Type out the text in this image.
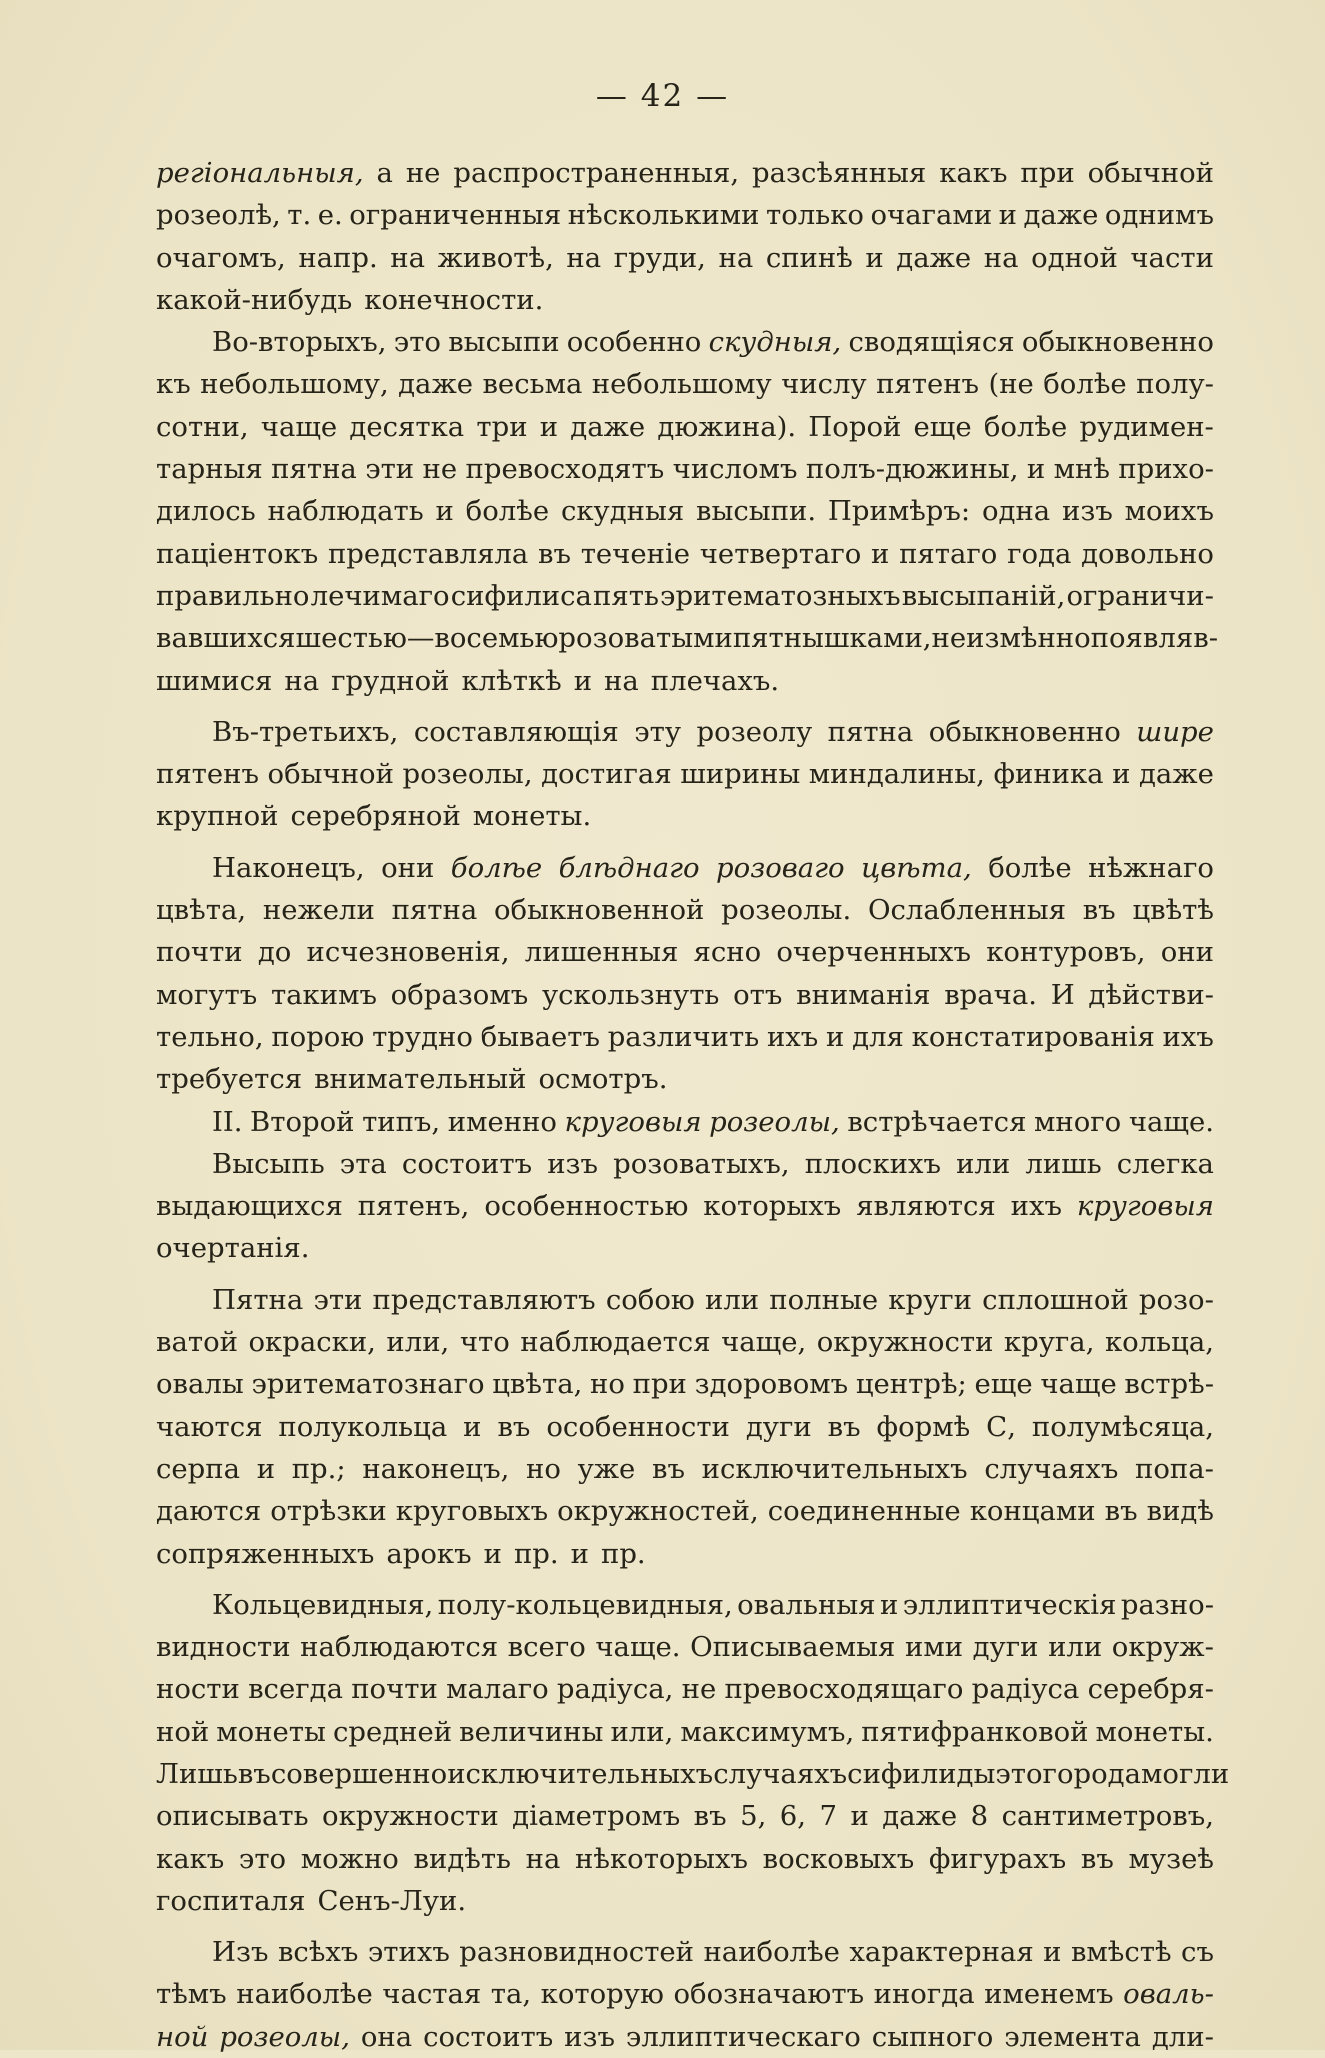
— 42 —
регіональныя, а не распространенныя, разсѣянныя какъ при обычной
розеолѣ, т. е. ограниченныя нѣсколькими только очагами и даже однимъ
очагомъ, напр. на животѣ, на груди, на спинѣ и даже на одной части
какой-нибудь конечности.
Во-вторыхъ, это высыпи особенно скудныя, сводящіяся обыкновенно
къ небольшому, даже весьма небольшому числу пятенъ (не болѣе полу-
сотни, чаще десятка три и даже дюжина). Порой еще болѣе рудимен-
тарныя пятна эти не превосходятъ числомъ полъ-дюжины, и мнѣ прихо-
дилось наблюдать и болѣе скудныя высыпи. Примѣръ: одна изъ моихъ
паціентокъ представляла въ теченіе четвертаго и пятаго года довольно
правильно лечимаго сифилиса пять эритематозныхъ высыпаній, ограничи-
вавшихся шестью—восемью розоватыми пятнышками, неизмѣнно появляв-
шимися на грудной клѣткѣ и на плечахъ.
Въ-третьихъ, составляющія эту розеолу пятна обыкновенно шире
пятенъ обычной розеолы, достигая ширины миндалины, финика и даже
крупной серебряной монеты.
Наконецъ, они болѣе блѣднаго розоваго цвѣта, болѣе нѣжнаго
цвѣта, нежели пятна обыкновенной розеолы. Ослабленныя въ цвѣтѣ
почти до исчезновенія, лишенныя ясно очерченныхъ контуровъ, они
могутъ такимъ образомъ ускользнуть отъ вниманія врача. И дѣйстви-
тельно, порою трудно бываетъ различить ихъ и для констатированія ихъ
требуется внимательный осмотръ.
II. Второй типъ, именно круговыя розеолы, встрѣчается много чаще.
Высыпь эта состоитъ изъ розоватыхъ, плоскихъ или лишь слегка
выдающихся пятенъ, особенностью которыхъ являются ихъ круговыя
очертанія.
Пятна эти представляютъ собою или полные круги сплошной розо-
ватой окраски, или, что наблюдается чаще, окружности круга, кольца,
овалы эритематознаго цвѣта, но при здоровомъ центрѣ; еще чаще встрѣ-
чаются полукольца и въ особенности дуги въ формѣ С, полумѣсяца,
серпа и пр.; наконецъ, но уже въ исключительныхъ случаяхъ попа-
даются отрѣзки круговыхъ окружностей, соединенные концами въ видѣ
сопряженныхъ арокъ и пр. и пр.
Кольцевидныя, полу-кольцевидныя, овальныя и эллиптическія разно-
видности наблюдаются всего чаще. Описываемыя ими дуги или окруж-
ности всегда почти малаго радіуса, не превосходящаго радіуса серебря-
ной монеты средней величины или, максимумъ, пятифранковой монеты.
Лишь въ совершенно исключительныхъ случаяхъ сифилиды этого рода могли
описывать окружности діаметромъ въ 5, 6, 7 и даже 8 сантиметровъ,
какъ это можно видѣть на нѣкоторыхъ восковыхъ фигурахъ въ музеѣ
госпиталя Сенъ-Луи.
Изъ всѣхъ этихъ разновидностей наиболѣе характерная и вмѣстѣ съ
тѣмъ наиболѣе частая та, которую обозначаютъ иногда именемъ оваль-
ной розеолы, она состоитъ изъ эллиптическаго сыпного элемента дли-
